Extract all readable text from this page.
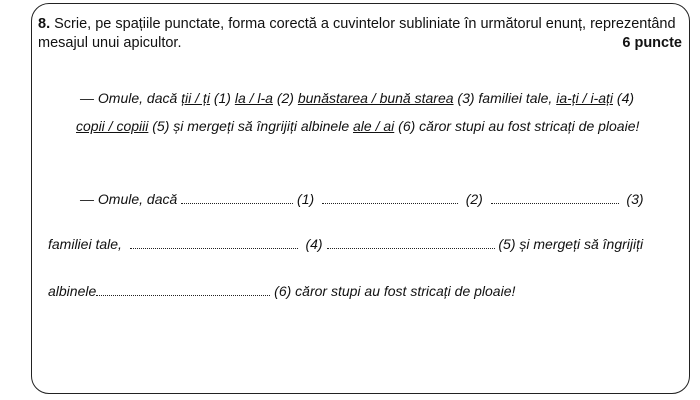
8. Scrie, pe spațiile punctate, forma corectă a cuvintelor subliniate în următorul enunț, reprezentând
mesajul unui apicultor.	6 puncte
— Omule, dacă ții / ți (1) la / l-a (2) bunăstarea / bună starea (3) familiei tale, ia-ți / i-ați (4)
copii / copiii (5) și mergeți să îngrijiți albinele ale / ai (6) căror stupi au fost stricați de ploaie!
— Omule, dacă	(1)	(2)	(3)
familiei tale,	(4)	(5) și mergeți să îngrijiți
albinele	(6) căror stupi au fost stricați de ploaie!
